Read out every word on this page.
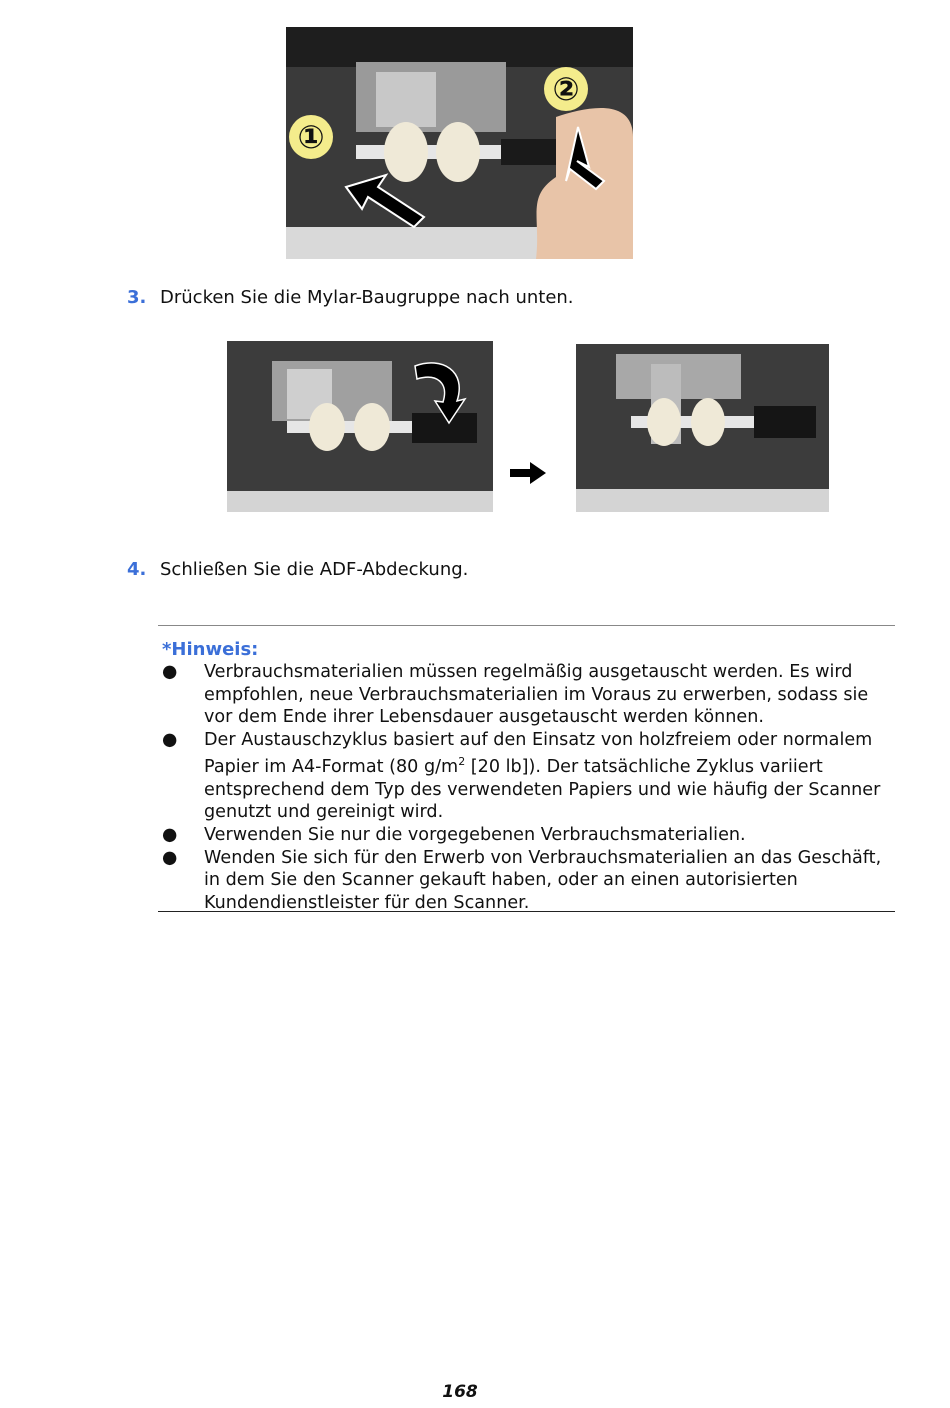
①
②
3. Drücken Sie die Mylar-Baugruppe nach unten.
4. Schließen Sie die ADF-Abdeckung.
*Hinweis:
● Verbrauchsmaterialien müssen regelmäßig ausgetauscht werden. Es wird empfohlen, neue Verbrauchsmaterialien im Voraus zu erwerben, sodass sie vor dem Ende ihrer Lebensdauer ausgetauscht werden können.
● Der Austauschzyklus basiert auf den Einsatz von holzfreiem oder normalem Papier im A4-Format (80 $g/m^2$ [20 lb]). Der tatsächliche Zyklus variiert entsprechend dem Typ des verwendeten Papiers und wie häufig der Scanner genutzt und gereinigt wird.
● Verwenden Sie nur die vorgegebenen Verbrauchsmaterialien.
● Wenden Sie sich für den Erwerb von Verbrauchsmaterialien an das Geschäft, in dem Sie den Scanner gekauft haben, oder an einen autorisierten Kundendienstleister für den Scanner.
168
